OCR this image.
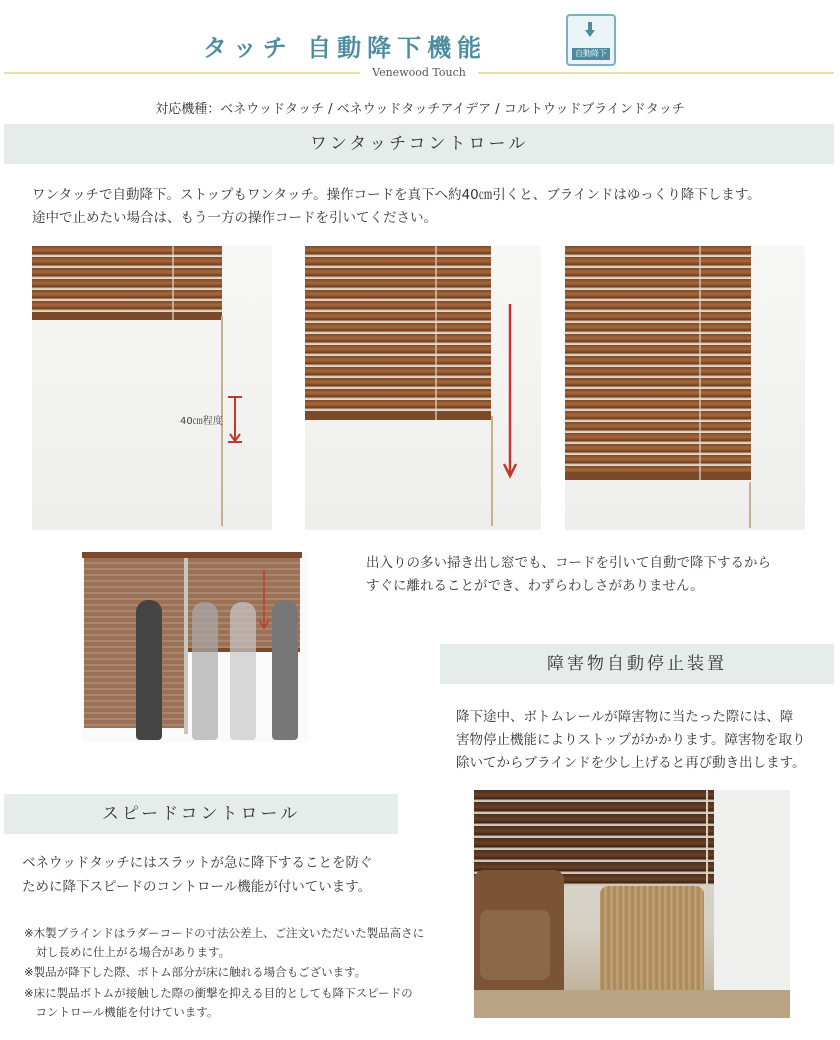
タッチ 自動降下機能	自動降下
Venewood Touch
対応機種：ベネウッドタッチ / ベネウッドタッチアイデア / コルトウッドブラインドタッチ
ワンタッチコントロール
ワンタッチで自動降下。ストップもワンタッチ。操作コードを真下へ約40㎝引くと、ブラインドはゆっくり降下します。
途中で止めたい場合は、もう一方の操作コードを引いてください。
40㎝程度
出入りの多い掃き出し窓でも、コードを引いて自動で降下するから
すぐに離れることができ、わずらわしさがありません。
障害物自動停止装置
降下途中、ボトムレールが障害物に当たった際には、障
害物停止機能によりストップがかかります。障害物を取り
除いてからブラインドを少し上げると再び動き出します。
スピードコントロール
ベネウッドタッチにはスラットが急に降下することを防ぐ
ために降下スピードのコントロール機能が付いています。
※木製ブラインドはラダーコードの寸法公差上、ご注文いただいた製品高さに
　対し長めに仕上がる場合があります。
※製品が降下した際、ボトム部分が床に触れる場合もございます。
※床に製品ボトムが接触した際の衝撃を抑える目的としても降下スピードの
　コントロール機能を付けています。
